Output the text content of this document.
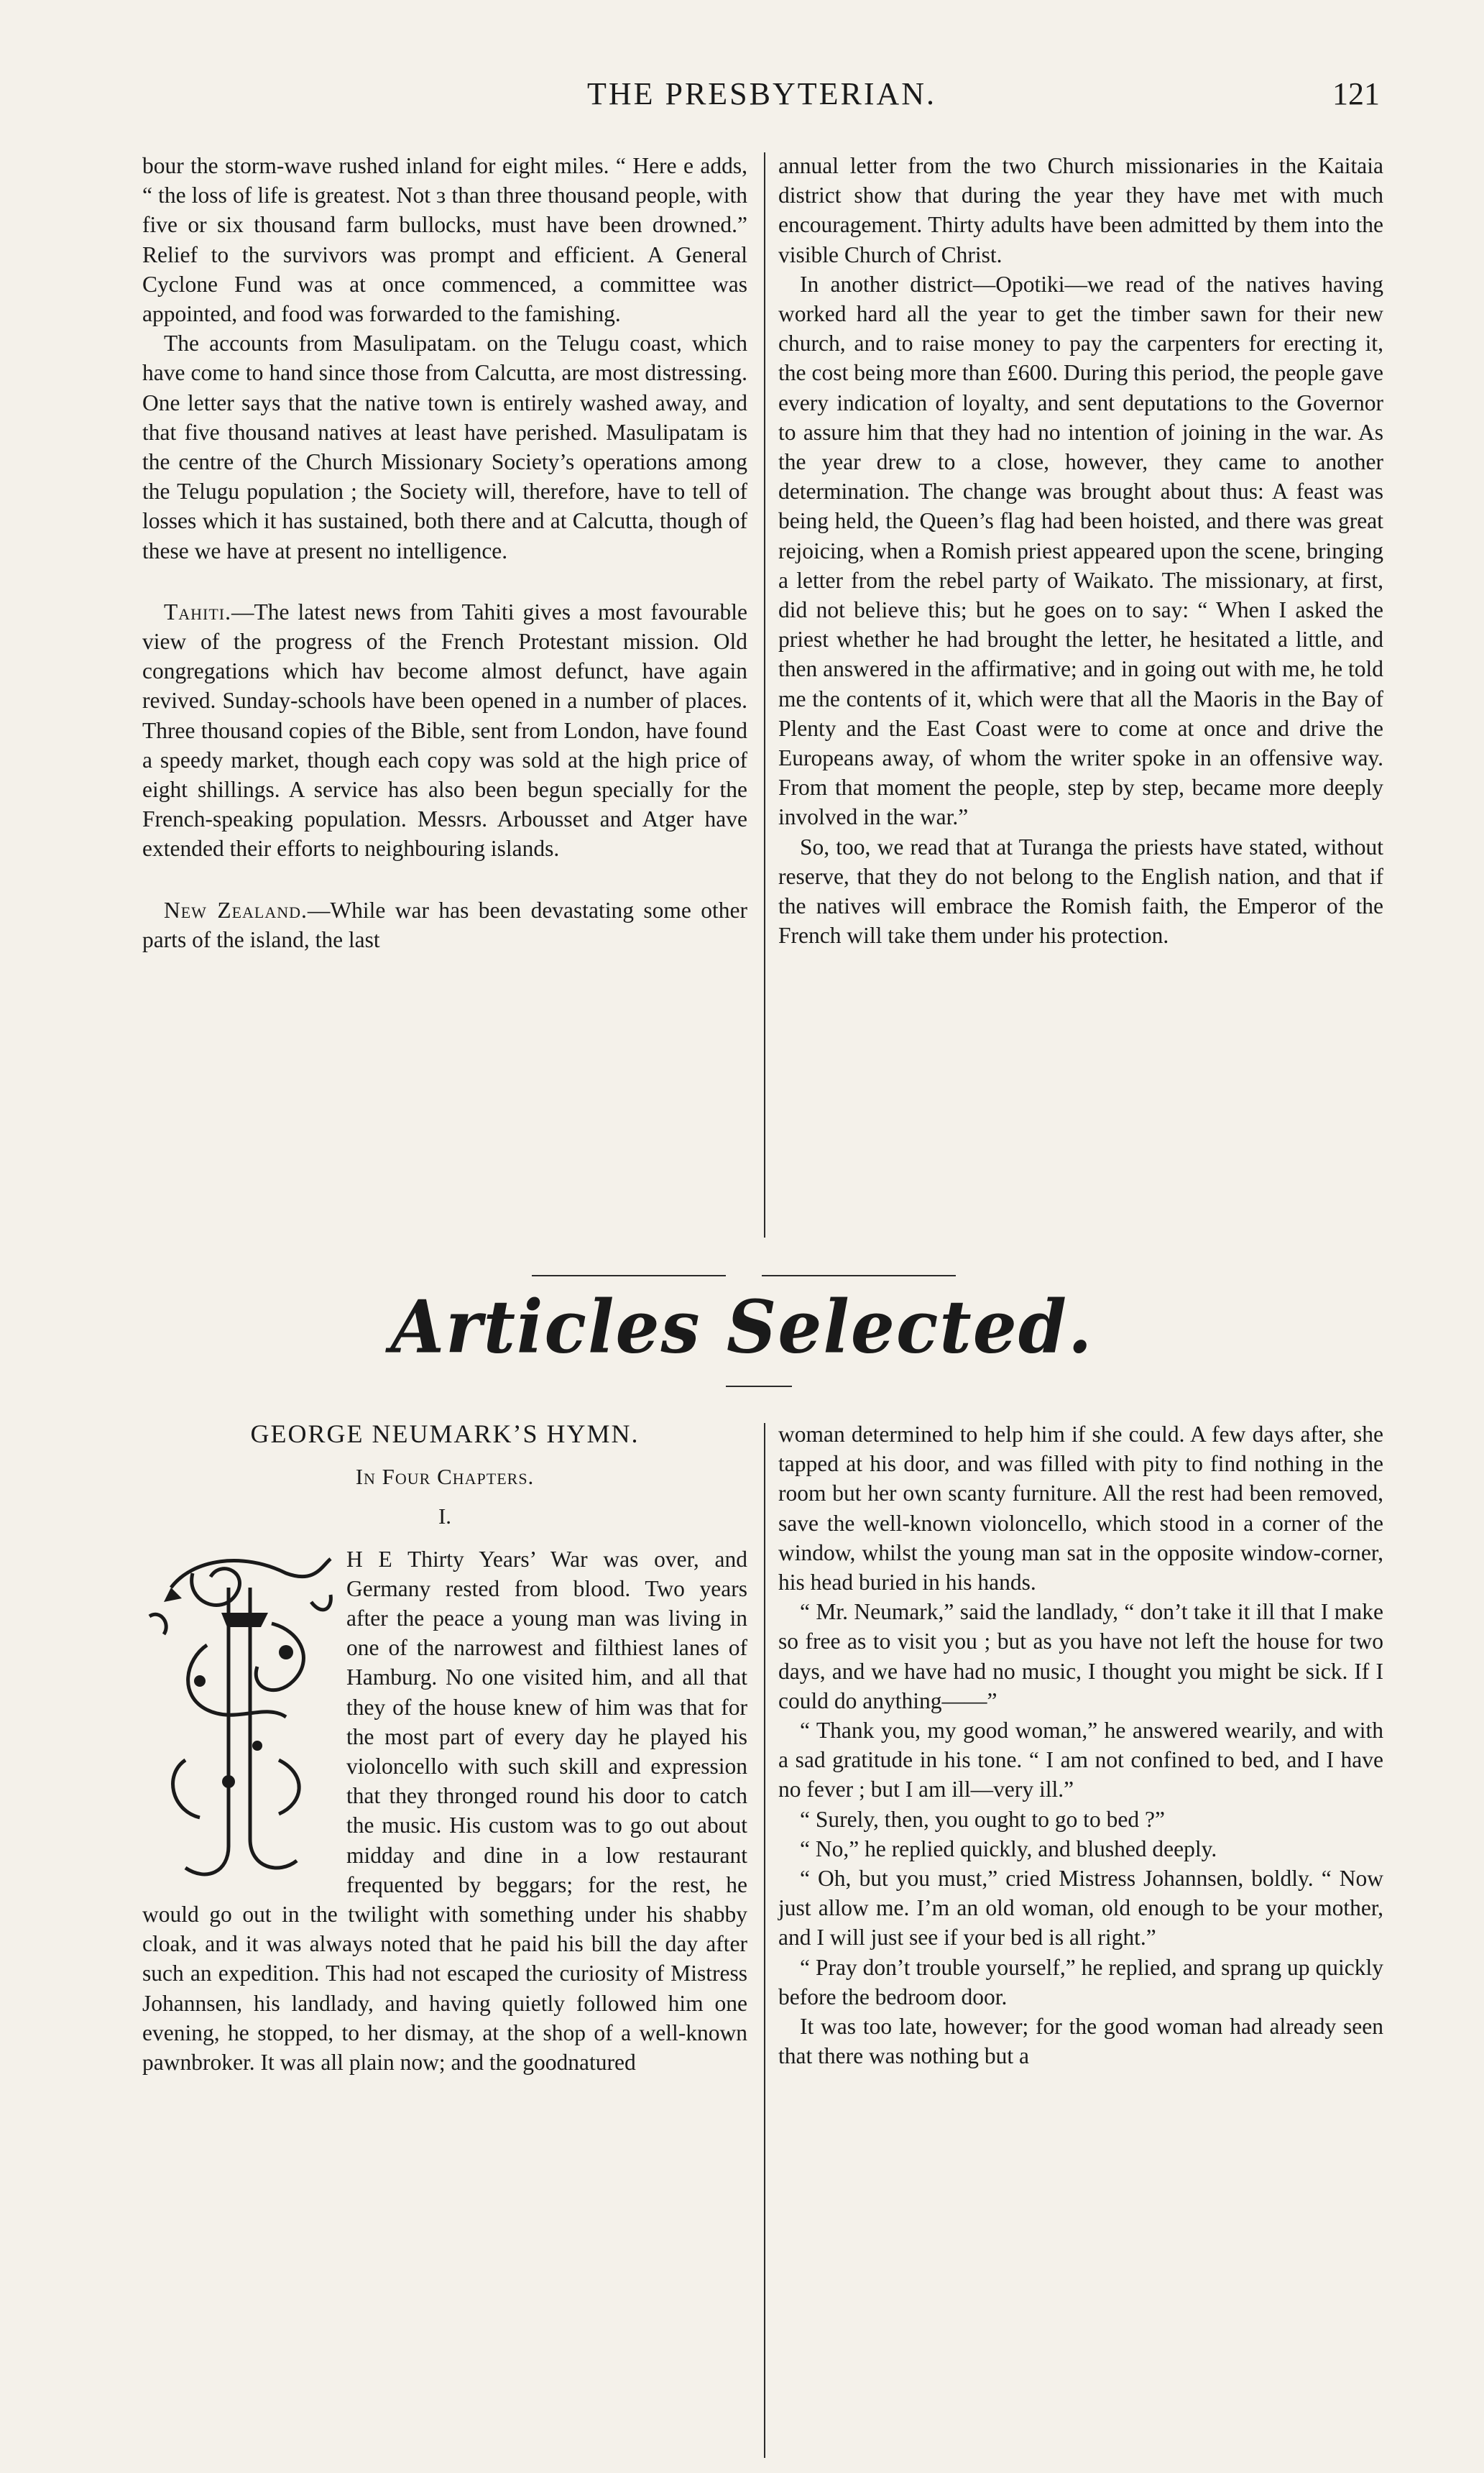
THE PRESBYTERIAN.	121

bour the storm-wave rushed inland for eight miles. “ Here e adds, “ the loss of life is greatest. Not ɜ than three thousand people, with five or six thousand farm bullocks, must have been drowned.” Relief to the survivors was prompt and efficient. A General Cyclone Fund was at once commenced, a committee was appointed, and food was forwarded to the famishing.

The accounts from Masulipatam. on the Telugu coast, which have come to hand since those from Calcutta, are most distressing. One letter says that the native town is entirely washed away, and that five thousand natives at least have perished. Masulipatam is the centre of the Church Missionary Society’s operations among the Telugu population ; the Society will, therefore, have to tell of losses which it has sustained, both there and at Calcutta, though of these we have at present no intelligence.

Tahiti.—The latest news from Tahiti gives a most favourable view of the progress of the French Protestant mission. Old congregations which hav become almost defunct, have again revived. Sunday-schools have been opened in a number of places. Three thousand copies of the Bible, sent from London, have found a speedy market, though each copy was sold at the high price of eight shillings. A service has also been begun specially for the French-speaking population. Messrs. Arbousset and Atger have extended their efforts to neighbouring islands.

New Zealand.—While war has been devastating some other parts of the island, the last

annual letter from the two Church missionaries in the Kaitaia district show that during the year they have met with much encouragement. Thirty adults have been admitted by them into the visible Church of Christ.

In another district—Opotiki—we read of the natives having worked hard all the year to get the timber sawn for their new church, and to raise money to pay the carpenters for erecting it, the cost being more than £600. During this period, the people gave every indication of loyalty, and sent deputations to the Governor to assure him that they had no intention of joining in the war. As the year drew to a close, however, they came to another determination. The change was brought about thus: A feast was being held, the Queen’s flag had been hoisted, and there was great rejoicing, when a Romish priest appeared upon the scene, bringing a letter from the rebel party of Waikato. The missionary, at first, did not believe this; but he goes on to say: “ When I asked the priest whether he had brought the letter, he hesitated a little, and then answered in the affirmative; and in going out with me, he told me the contents of it, which were that all the Maoris in the Bay of Plenty and the East Coast were to come at once and drive the Europeans away, of whom the writer spoke in an offensive way. From that moment the people, step by step, became more deeply involved in the war.”

So, too, we read that at Turanga the priests have stated, without reserve, that they do not belong to the English nation, and that if the natives will embrace the Romish faith, the Emperor of the French will take them under his protection.

Articles Selected.
GEORGE NEUMARK’S HYMN.
In Four Chapters.
I.

H E Thirty Years’ War was over, and Germany rested from blood. Two years after the peace a young man was living in one of the narrowest and filthiest lanes of Hamburg. No one visited him, and all that they of the house knew of him was that for the most part of every day he played his violoncello with such skill and expression that they thronged round his door to catch the music. His custom was to go out about midday and dine in a low restaurant frequented by beggars; for the rest, he would go out in the twilight with something under his shabby cloak, and it was always noted that he paid his bill the day after such an expedition. This had not escaped the curiosity of Mistress Johannsen, his landlady, and having quietly followed him one evening, he stopped, to her dismay, at the shop of a well-known pawnbroker. It was all plain now; and the goodnatured

woman determined to help him if she could. A few days after, she tapped at his door, and was filled with pity to find nothing in the room but her own scanty furniture. All the rest had been removed, save the well-known violoncello, which stood in a corner of the window, whilst the young man sat in the opposite window-corner, his head buried in his hands.

“ Mr. Neumark,” said the landlady, “ don’t take it ill that I make so free as to visit you ; but as you have not left the house for two days, and we have had no music, I thought you might be sick. If I could do anything——”

“ Thank you, my good woman,” he answered wearily, and with a sad gratitude in his tone. “ I am not confined to bed, and I have no fever ; but I am ill—very ill.”

“ Surely, then, you ought to go to bed ?”

“ No,” he replied quickly, and blushed deeply.

“ Oh, but you must,” cried Mistress Johannsen, boldly. “ Now just allow me. I’m an old woman, old enough to be your mother, and I will just see if your bed is all right.”

“ Pray don’t trouble yourself,” he replied, and sprang up quickly before the bedroom door.

It was too late, however; for the good woman had already seen that there was nothing but a
